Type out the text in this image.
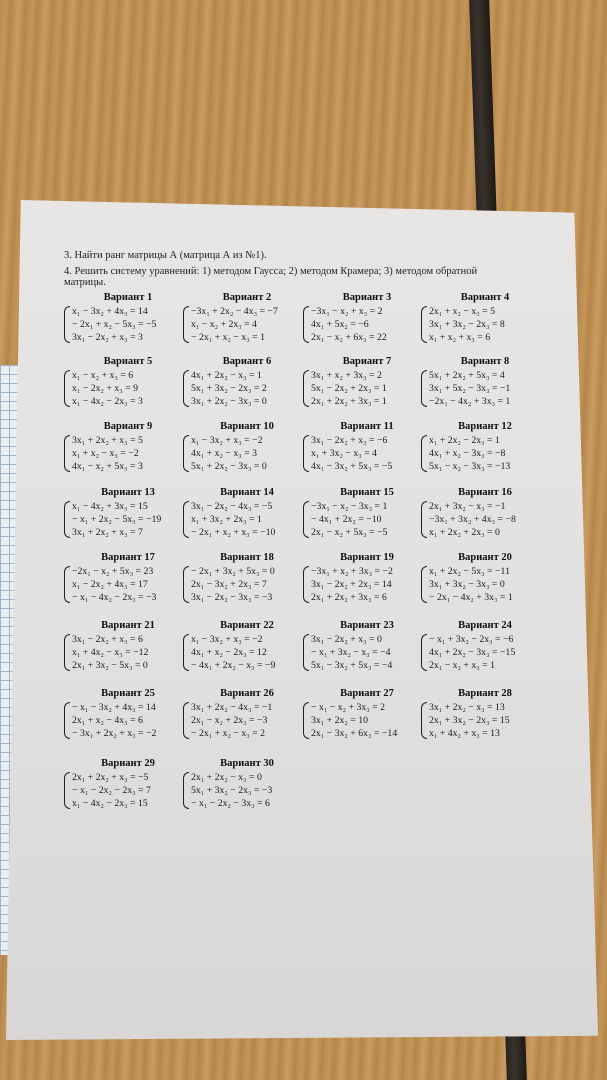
3. Найти ранг матрицы А (матрица А из №1).
4. Решить систему уравнений: 1) методом Гаусса; 2) методом Крамера; 3) методом обратной
матрицы.
Вариант 1
x₁ − 3x₂ + 4x₃ = 14
− 2x₁ + x₂ − 5x₃ = −5
3x₁ − 2x₂ + x₃ = 3
Вариант 2
−3x₁ + 2x₂ − 4x₃ = −7
x₁ − x₂ + 2x₃ = 4
− 2x₁ + x₂ − x₃ = 1
Вариант 3
−3x₁ − x₂ + x₃ = 2
4x₁ + 5x₂ = −6
2x₁ − x₂ + 6x₃ = 22
Вариант 4
2x₁ + x₂ − x₃ = 5
3x₁ + 3x₂ − 2x₃ = 8
x₁ + x₂ + x₃ = 6
Вариант 5
x₁ − x₂ + x₃ = 6
x₁ − 2x₂ + x₃ = 9
x₁ − 4x₂ − 2x₃ = 3
Вариант 6
4x₁ + 2x₂ − x₃ = 1
5x₁ + 3x₂ − 2x₃ = 2
3x₁ + 2x₂ − 3x₃ = 0
Вариант 7
3x₁ + x₂ + 3x₃ = 2
5x₁ − 2x₂ + 2x₃ = 1
2x₁ + 2x₂ + 3x₃ = 1
Вариант 8
5x₁ + 2x₂ + 5x₃ = 4
3x₁ + 5x₂ − 3x₃ = −1
−2x₁ − 4x₂ + 3x₃ = 1
Вариант 9
3x₁ + 2x₂ + x₃ = 5
x₁ + x₂ − x₃ = −2
4x₁ − x₂ + 5x₃ = 3
Вариант 10
x₁ − 3x₂ + x₃ = −2
4x₁ + x₂ − x₃ = 3
5x₁ + 2x₂ − 3x₃ = 0
Вариант 11
3x₁ − 2x₂ + x₃ = −6
x₁ + 3x₂ − x₃ = 4
4x₁ − 3x₂ + 5x₃ = −5
Вариант 12
x₁ + 2x₂ − 2x₃ = 1
4x₁ + x₂ − 3x₃ = −8
5x₁ − x₂ − 3x₃ = −13
Вариант 13
x₁ − 4x₂ + 3x₃ = 15
− x₁ + 2x₂ − 5x₃ = −19
3x₁ + 2x₂ + x₃ = 7
Вариант 14
3x₁ − 2x₂ − 4x₃ = −5
x₁ + 3x₂ + 2x₃ = 1
− 2x₁ + x₂ + x₃ = −10
Вариант 15
−3x₁ − x₂ − 3x₃ = 1
− 4x₁ + 2x₂ = −10
2x₁ − x₂ + 5x₃ = −5
Вариант 16
2x₁ + 3x₂ − x₃ = −1
−3x₁ + 3x₂ + 4x₃ = −8
x₁ + 2x₂ + 2x₃ = 0
Вариант 17
−2x₁ − x₂ + 5x₃ = 23
x₁ − 2x₂ + 4x₃ = 17
− x₁ − 4x₂ − 2x₃ = −3
Вариант 18
− 2x₁ + 3x₂ + 5x₃ = 0
2x₁ − 3x₂ + 2x₃ = 7
3x₁ − 2x₂ − 3x₃ = −3
Вариант 19
−3x₁ + x₂ + 3x₃ = −2
3x₁ − 2x₂ + 2x₃ = 14
2x₁ + 2x₂ + 3x₃ = 6
Вариант 20
x₁ + 2x₂ − 5x₃ = −11
3x₁ + 3x₂ − 3x₃ = 0
− 2x₁ − 4x₂ + 3x₃ = 1
Вариант 21
3x₁ − 2x₂ + x₃ = 6
x₁ + 4x₂ − x₃ = −12
2x₁ + 3x₂ − 5x₃ = 0
Вариант 22
x₁ − 3x₂ + x₃ = −2
4x₁ + x₂ − 2x₃ = 12
− 4x₁ + 2x₂ − x₃ = −9
Вариант 23
3x₁ − 2x₂ + x₃ = 0
− x₁ + 3x₂ − x₃ = −4
5x₁ − 3x₂ + 5x₃ = −4
Вариант 24
− x₁ + 3x₂ − 2x₃ = −6
4x₁ + 2x₂ − 3x₃ = −15
2x₁ − x₂ + x₃ = 1
Вариант 25
− x₁ − 3x₂ + 4x₃ = 14
2x₁ + x₂ − 4x₃ = 6
− 3x₁ + 2x₂ + x₃ = −2
Вариант 26
3x₁ + 2x₂ − 4x₃ = −1
2x₁ − x₂ + 2x₃ = −3
− 2x₁ + x₂ − x₃ = 2
Вариант 27
− x₁ − x₂ + 3x₃ = 2
3x₁ + 2x₂ = 10
2x₁ − 3x₂ + 6x₃ = −14
Вариант 28
3x₁ + 2x₂ − x₃ = 13
2x₁ + 3x₂ − 2x₃ = 15
x₁ + 4x₂ + x₃ = 13
Вариант 29
2x₁ + 2x₂ + x₃ = −5
− x₁ − 2x₂ − 2x₃ = 7
x₁ − 4x₂ − 2x₃ = 15
Вариант 30
2x₁ + 2x₂ − x₃ = 0
5x₁ + 3x₂ − 2x₃ = −3
− x₁ − 2x₂ − 3x₃ = 6
